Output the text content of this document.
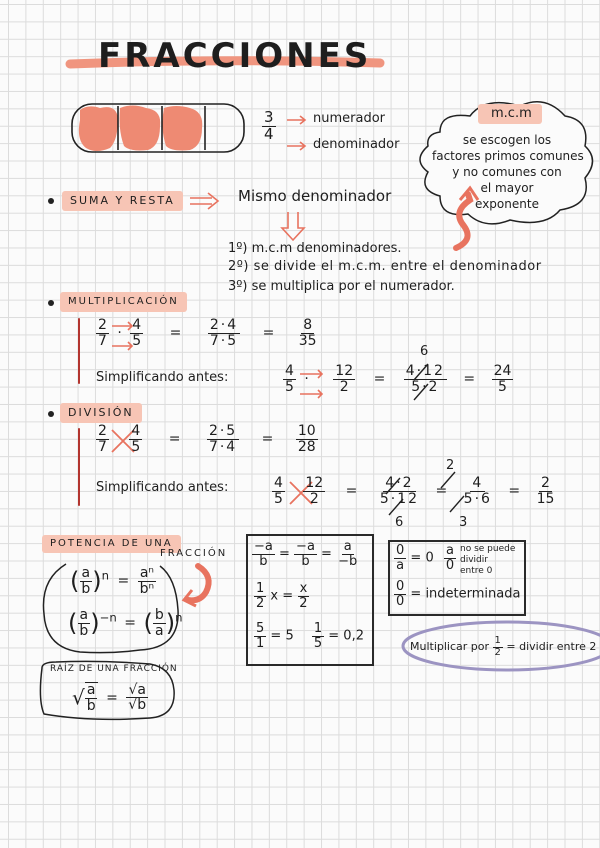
FRACCIONES
$\frac{3}{4}$	numerador
denominador
m.c.m
se escogen los
factores primos comunes
y no comunes con
el mayor
exponente
SUMA Y RESTA	Mismo denominador
1º) m.c.m denominadores.
2º) se divide el m.c.m. entre el denominador
3º) se multiplica por el numerador.
MULTIPLICACIÓN
$\frac{2}{7} \cdot \frac{4}{5} = \frac{2\cdot 4}{7\cdot 5} = \frac{8}{35}$
Simplificando antes:	$\frac{4}{5} \cdot \frac{12}{2} = \frac{4\cdot 12}{5\cdot 2} = \frac{24}{5}$
6
DIVISIÓN
$\frac{2}{7}$
$\frac{4}{5} = \frac{2\cdot 5}{7\cdot 4} = \frac{10}{28}$
Simplificando antes:	$\frac{4}{5}$
$\frac{12}{2} = \frac{4\cdot 2}{5\cdot 12} = \frac{4}{5\cdot 6} = \frac{2}{15}$
6
2
3
POTENCIA DE UNA
FRACCIÓN
( $\frac{a}{b} )^n = \frac{\text{aⁿ}}{\text{bⁿ}}$
( $\frac{a}{b} )^{-n}$ = ( $\frac{b}{a} )^n$
RAÍZ DE UNA FRACCIÓN
√ $\frac{a}{b} = \frac{√a}{√b}$
$\frac{-a}{b} = \frac{-a}{b} = \frac{a}{-b}$
$\frac{1}{2}$ $x = \frac{x}{2}$
$\frac{5}{1} = 5 \frac{1}{5} = 0,2$
$\frac{0}{a} = 0 \frac{a}{0}$ no se puede
dividir
entre 0
$\frac{0}{0}$ = indeterminada
Multiplicar por $\frac{1}{2}$ = dividir entre 2
